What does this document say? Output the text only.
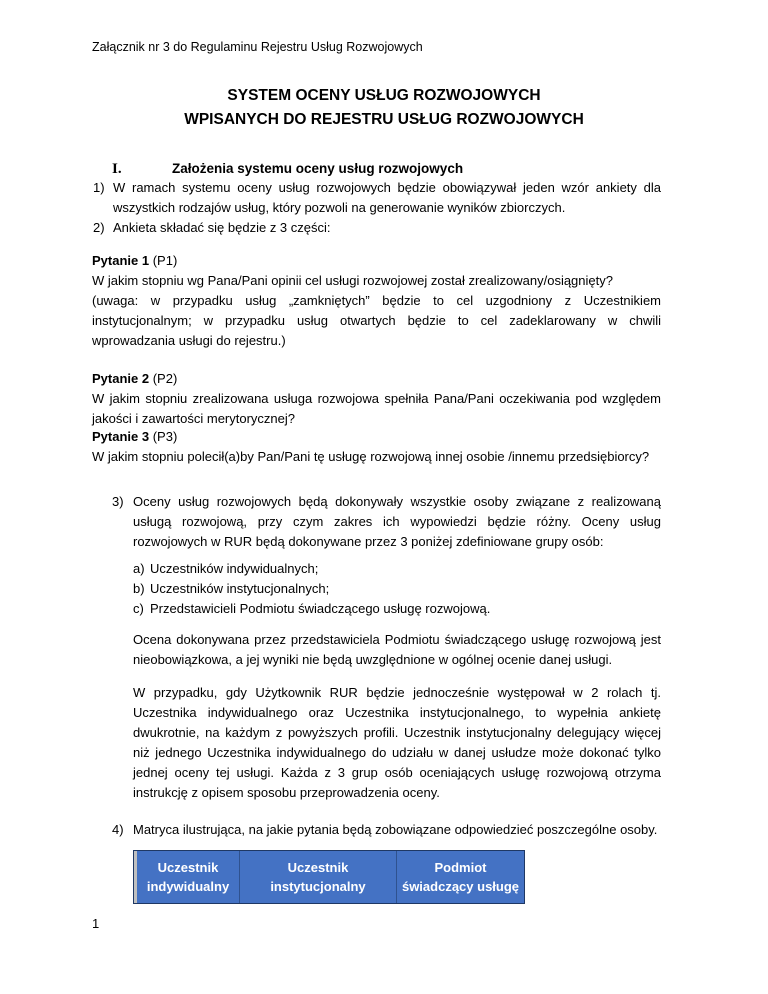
Załącznik nr 3 do Regulaminu Rejestru Usług Rozwojowych
SYSTEM OCENY USŁUG ROZWOJOWYCH
WPISANYCH DO REJESTRU USŁUG ROZWOJOWYCH
I.	Założenia systemu oceny usług rozwojowych
1) W ramach systemu oceny usług rozwojowych będzie obowiązywał jeden wzór ankiety dla wszystkich rodzajów usług, który pozwoli na generowanie wyników zbiorczych.
2) Ankieta składać się będzie z 3 części:
Pytanie 1 (P1)
W jakim stopniu wg Pana/Pani opinii cel usługi rozwojowej został zrealizowany/osiągnięty?
(uwaga: w przypadku usług „zamkniętych” będzie to cel uzgodniony z Uczestnikiem instytucjonalnym; w przypadku usług otwartych będzie to cel zadeklarowany w chwili wprowadzania usługi do rejestru.)
Pytanie 2 (P2)
W jakim stopniu zrealizowana usługa rozwojowa spełniła Pana/Pani oczekiwania pod względem jakości i zawartości merytorycznej?
Pytanie 3 (P3)
W jakim stopniu polecił(a)by Pan/Pani tę usługę rozwojową innej osobie /innemu przedsiębiorcy?
3) Oceny usług rozwojowych będą dokonywały wszystkie osoby związane z realizowaną usługą rozwojową, przy czym zakres ich wypowiedzi będzie różny. Oceny usług rozwojowych w RUR będą dokonywane przez 3 poniżej zdefiniowane grupy osób:
a) Uczestników indywidualnych;
b) Uczestników instytucjonalnych;
c) Przedstawicieli Podmiotu świadczącego usługę rozwojową.
Ocena dokonywana przez przedstawiciela Podmiotu świadczącego usługę rozwojową jest nieobowiązkowa, a jej wyniki nie będą uwzględnione w ogólnej ocenie danej usługi.
W przypadku, gdy Użytkownik RUR będzie jednocześnie występował w 2 rolach tj. Uczestnika indywidualnego oraz Uczestnika instytucjonalnego, to wypełnia ankietę dwukrotnie, na każdym z powyższych profili. Uczestnik instytucjonalny delegujący więcej niż jednego Uczestnika indywidualnego do udziału w danej usłudze może dokonać tylko jednej oceny tej usługi. Każda z 3 grup osób oceniających usługę rozwojową otrzyma instrukcję z opisem sposobu przeprowadzenia oceny.
4) Matryca ilustrująca, na jakie pytania będą zobowiązane odpowiedzieć poszczególne osoby.
Uczestnik
indywidualny
Uczestnik
instytucjonalny
Podmiot
świadczący usługę
1
